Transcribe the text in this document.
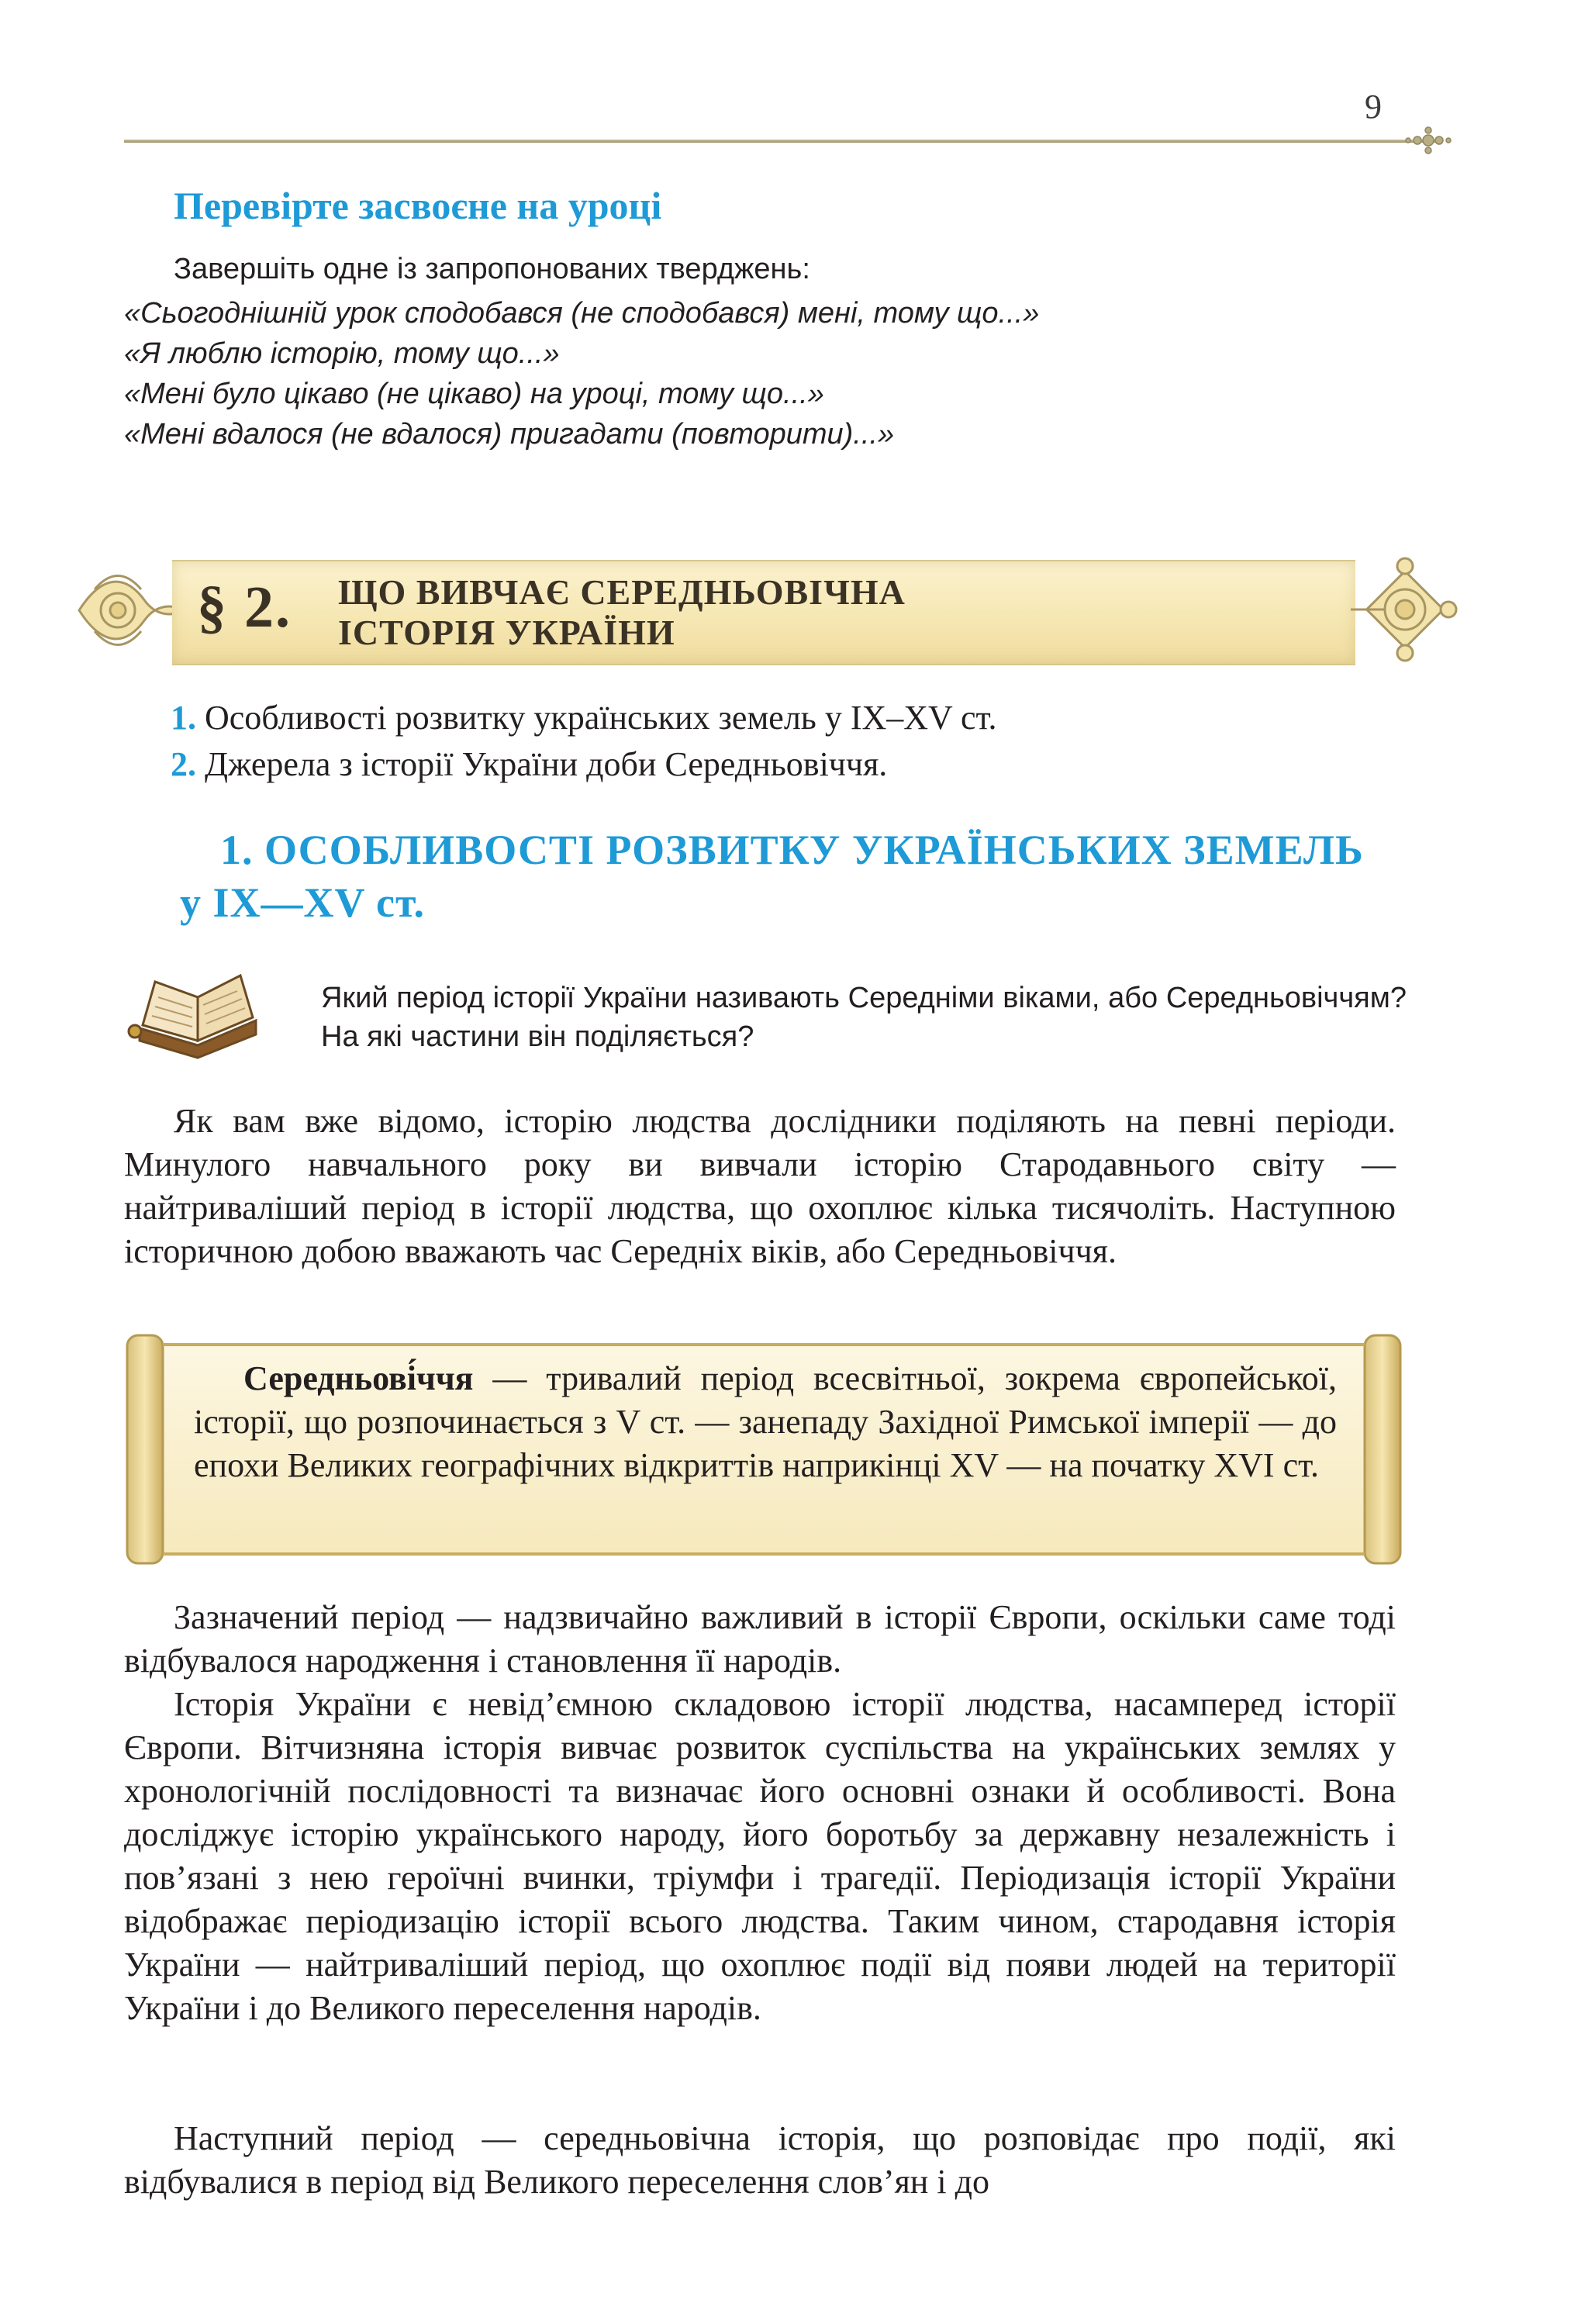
9
Перевірте засвоєне на уроці
Завершіть одне із запропонованих тверджень:
«Сьогоднішній урок сподобався (не сподобався) мені, тому що...»
«Я люблю історію, тому що...»
«Мені було цікаво (не цікаво) на уроці, тому що...»
«Мені вдалося (не вдалося) пригадати (повторити)...»
§ 2. ЩО ВИВЧАЄ СЕРЕДНЬОВІЧНА
ІСТОРІЯ УКРАЇНИ
1. Особливості розвитку українських земель у IX–XV ст.
2. Джерела з історії України доби Середньовіччя.
1. ОСОБЛИВОСТІ РОЗВИТКУ УКРАЇНСЬКИХ ЗЕМЕЛЬ
у IX—XV ст.
Який період історії України називають Середніми віками, або Середньовіччям? На які частини він поділяється?

Як вам вже відомо, історію людства дослідники поділяють на певні періоди. Минулого навчального року ви вивчали історію Стародавнього світу — найтриваліший період в історії людства, що охоплює кілька тисячоліть. Наступною історичною добою вважають час Середніх віків, або Середньовіччя.

Середньові́ччя — тривалий період всесвітньої, зокрема європейської, історії, що розпочинається з V ст. — занепаду Західної Римської імперії — до епохи Великих географічних відкриттів наприкінці XV — на початку XVI ст.

Зазначений період — надзвичайно важливий в історії Європи, оскільки саме тоді відбувалося народження і становлення її народів.

Історія України є невід’ємною складовою історії людства, насамперед історії Європи. Вітчизняна історія вивчає розвиток суспільства на українських землях у хронологічній послідовності та визначає його основні ознаки й особливості. Вона досліджує історію українського народу, його боротьбу за державну незалежність і пов’язані з нею героїчні вчинки, тріумфи і трагедії. Періодизація історії України відображає періодизацію історії всього людства. Таким чином, стародавня історія України — найтриваліший період, що охоплює події від появи людей на території України і до Великого переселення народів.

Наступний період — середньовічна історія, що розповідає про події, які відбувалися в період від Великого переселення слов’ян і до
